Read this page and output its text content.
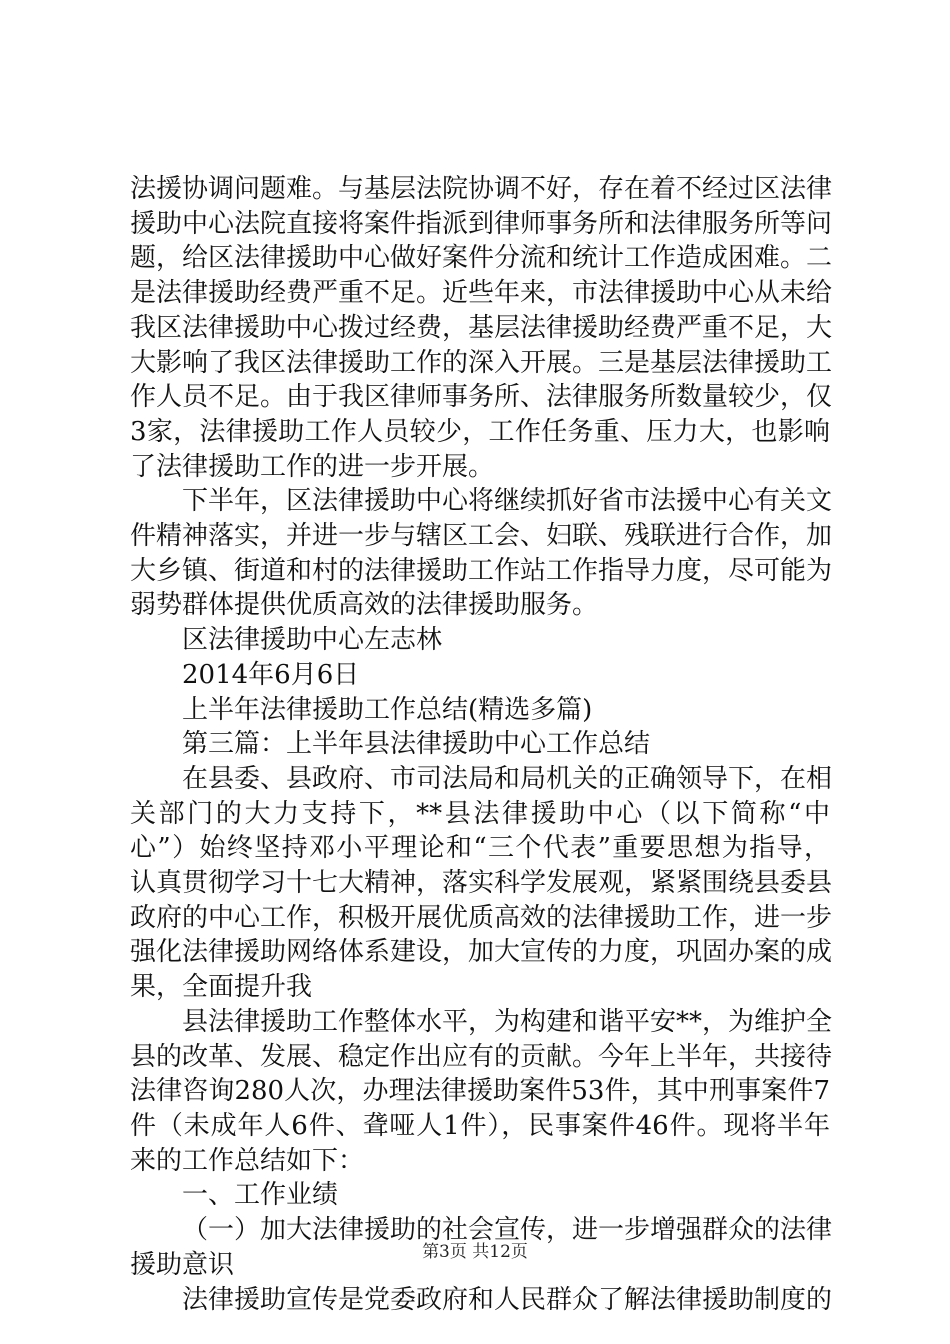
法援协调问题难。与基层法院协调不好，存在着不经过区法律
援助中心法院直接将案件指派到律师事务所和法律服务所等问
题，给区法律援助中心做好案件分流和统计工作造成困难。二
是法律援助经费严重不足。近些年来，市法律援助中心从未给
我区法律援助中心拨过经费，基层法律援助经费严重不足，大
大影响了我区法律援助工作的深入开展。三是基层法律援助工
作人员不足。由于我区律师事务所、法律服务所数量较少，仅
3家，法律援助工作人员较少，工作任务重、压力大，也影响
了法律援助工作的进一步开展。
下半年，区法律援助中心将继续抓好省市法援中心有关文
件精神落实，并进一步与辖区工会、妇联、残联进行合作，加
大乡镇、街道和村的法律援助工作站工作指导力度，尽可能为
弱势群体提供优质高效的法律援助服务。
区法律援助中心左志林
2014年6月6日
上半年法律援助工作总结(精选多篇)
第三篇：上半年县法律援助中心工作总结
在县委、县政府、市司法局和局机关的正确领导下，在相
关部门的大力支持下，**县法律援助中心（以下简称“中
心”）始终坚持邓小平理论和“三个代表”重要思想为指导，
认真贯彻学习十七大精神，落实科学发展观，紧紧围绕县委县
政府的中心工作，积极开展优质高效的法律援助工作，进一步
强化法律援助网络体系建设，加大宣传的力度，巩固办案的成
果，全面提升我
县法律援助工作整体水平，为构建和谐平安**，为维护全
县的改革、发展、稳定作出应有的贡献。今年上半年，共接待
法律咨询280人次，办理法律援助案件53件，其中刑事案件7
件（未成年人6件、聋哑人1件），民事案件46件。现将半年
来的工作总结如下：
一、工作业绩
（一）加大法律援助的社会宣传，进一步增强群众的法律
援助意识
法律援助宣传是党委政府和人民群众了解法律援助制度的
第3页 共12页
